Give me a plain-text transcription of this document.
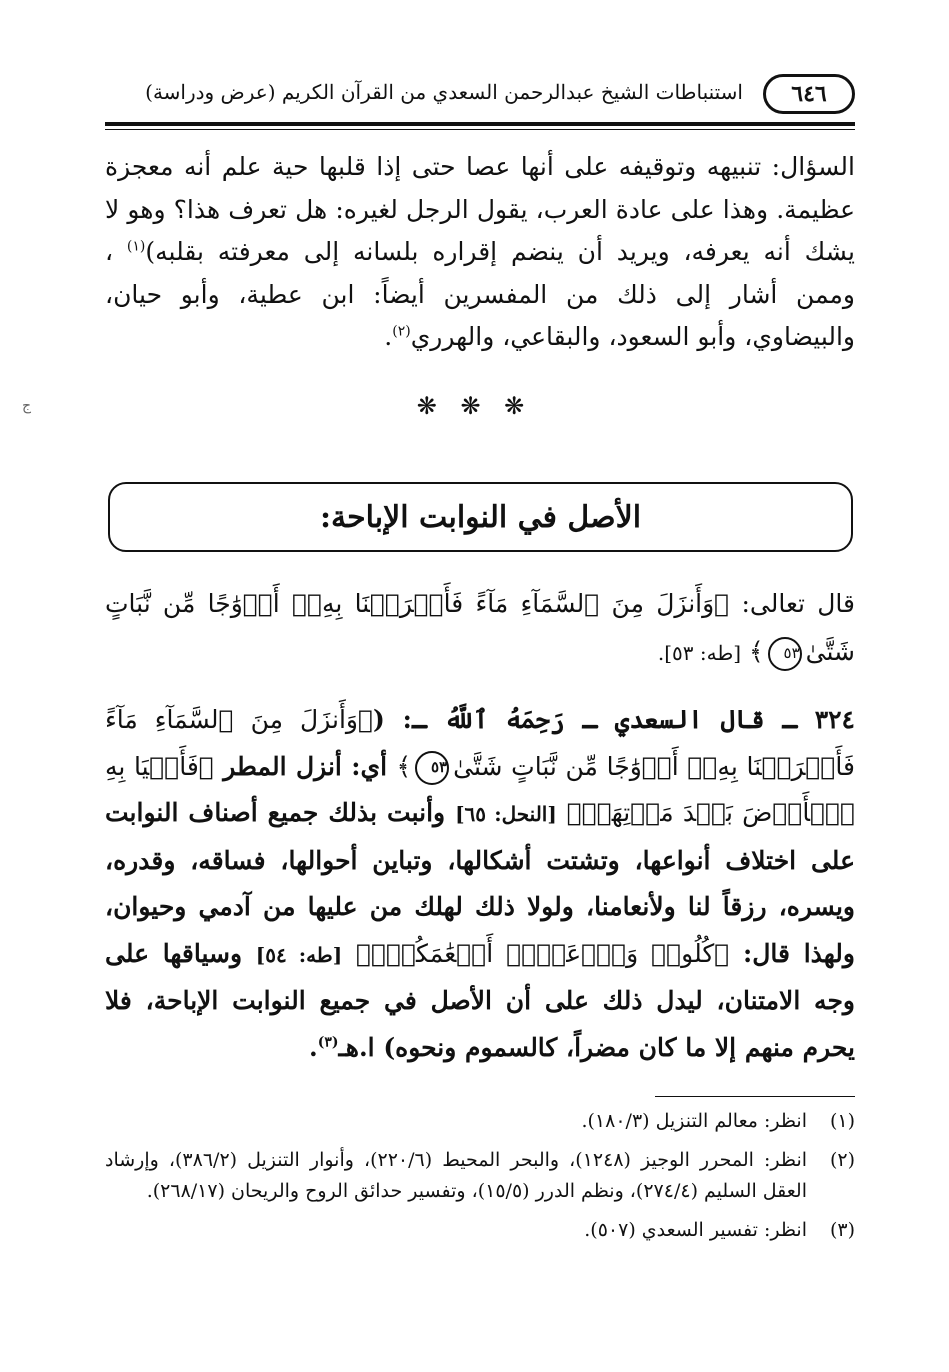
٦٤٦
استنباطات الشيخ عبدالرحمن السعدي من القرآن الكريم (عرض ودراسة)
السؤال: تنبيهه وتوقيفه على أنها عصا حتى إذا قلبها حية علم أنه معجزة عظيمة. وهذا على عادة العرب، يقول الرجل لغيره: هل تعرف هذا؟ وهو لا يشك أنه يعرفه، ويريد أن ينضم إقراره بلسانه إلى معرفته بقلبه)$^{(١)}$ ، وممن أشار إلى ذلك من المفسرين أيضاً: ابن عطية، وأبو حيان، والبيضاوي، وأبو السعود، والبقاعي، والهرري$^{(٢)}$.
ج	❋ ❋ ❋
الأصل في النوابت الإباحة:
قال تعالى: ﴿وَأَنزَلَ مِنَ ٱلسَّمَآءِ مَآءً فَأَخۡرَجۡنَا بِهِۦٓ أَزۡوَٰجًا مِّن نَّبَاتٍ شَتَّىٰ٥٣﴾ [طه: ٥٣].
٣٢٤ ـ قال السعدي ـ رَحِمَهُ ٱللَّهُ ـ: (﴿وَأَنزَلَ مِنَ ٱلسَّمَآءِ مَآءً فَأَخۡرَجۡنَا بِهِۦٓ أَزۡوَٰجًا مِّن نَّبَاتٍ شَتَّىٰ٥٣﴾ أي: أنزل المطر ﴿فَأَحۡيَا بِهِ ٱلۡأَرۡضَ بَعۡدَ مَوۡتِهَآۚ﴾ [النحل: ٦٥] وأنبت بذلك جميع أصناف النوابت على اختلاف أنواعها، وتشتت أشكالها، وتباين أحوالها، فساقه، وقدره، ويسره، رزقاً لنا ولأنعامنا، ولولا ذلك لهلك من عليها من آدمي وحيوان، ولهذا قال: ﴿كُلُوا۟ وَٱرۡعَوۡا۟ أَنۡعَٰمَكُمۡۚ﴾ [طه: ٥٤] وسياقها على وجه الامتنان، ليدل ذلك على أن الأصل في جميع النوابت الإباحة، فلا يحرم منهم إلا ما كان مضراً، كالسموم ونحوه) ا.هـ$^{(٣)}$.
(١)
انظر: معالم التنزيل (١٨٠/٣).
(٢)
انظر: المحرر الوجيز (١٢٤٨)، والبحر المحيط (٢٢٠/٦)، وأنوار التنزيل (٣٨٦/٢)، وإرشاد العقل السليم (٢٧٤/٤)، ونظم الدرر (١٥/٥)، وتفسير حدائق الروح والريحان (٢٦٨/١٧).
(٣)
انظر: تفسير السعدي (٥٠٧).
